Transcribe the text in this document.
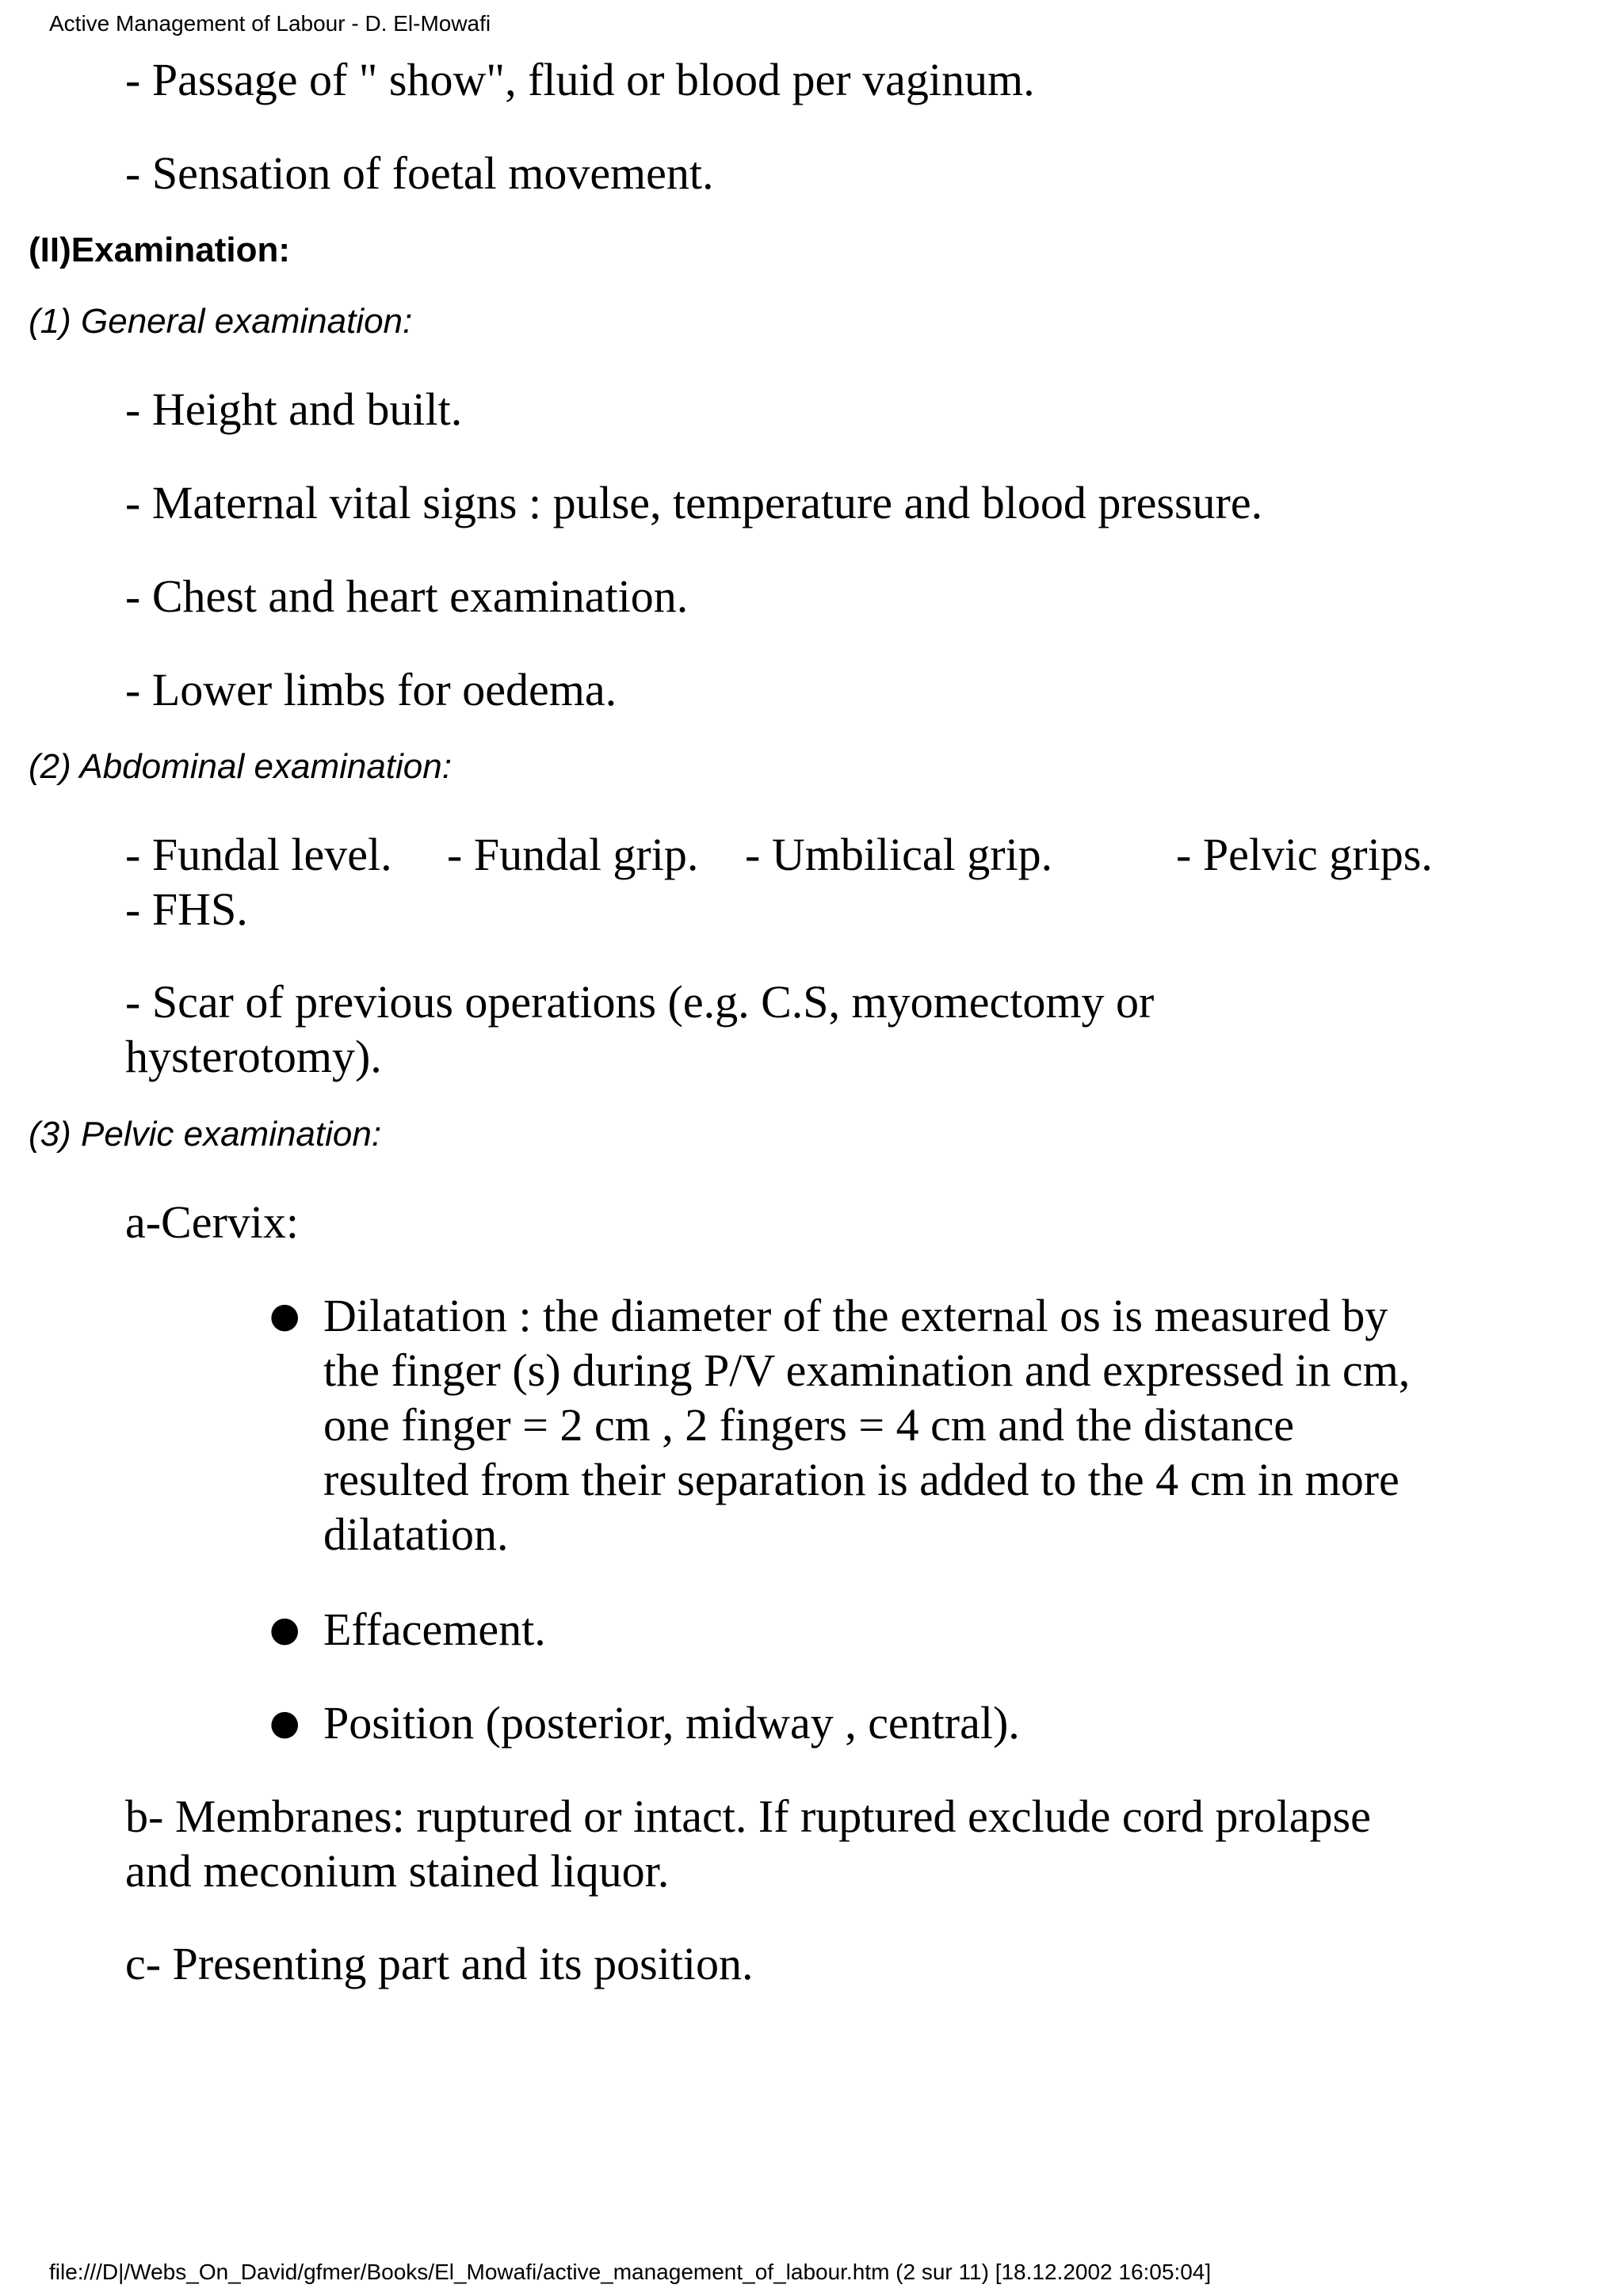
Active Management of Labour - D. El-Mowafi
- Passage of " show", fluid or blood per vaginum.
- Sensation of foetal movement.
(II)Examination:
(1) General examination:
- Height and built.
- Maternal vital signs : pulse, temperature and blood pressure.
- Chest and heart examination.
- Lower limbs for oedema.
(2) Abdominal examination:
- Fundal level. - Fundal grip. - Umbilical grip.	- Pelvic grips.
- FHS.
- Scar of previous operations (e.g. C.S, myomectomy or
hysterotomy).
(3) Pelvic examination:
a-Cervix:
● Dilatation : the diameter of the external os is measured by the finger (s) during P/V examination and expressed in cm, one finger = 2 cm , 2 fingers = 4 cm and the distance resulted from their separation is added to the 4 cm in more dilatation.
● Effacement.
● Position (posterior, midway , central).
b- Membranes: ruptured or intact. If ruptured exclude cord prolapse
and meconium stained liquor.
c- Presenting part and its position.
file:///D|/Webs_On_David/gfmer/Books/El_Mowafi/active_management_of_labour.htm (2 sur 11) [18.12.2002 16:05:04]
